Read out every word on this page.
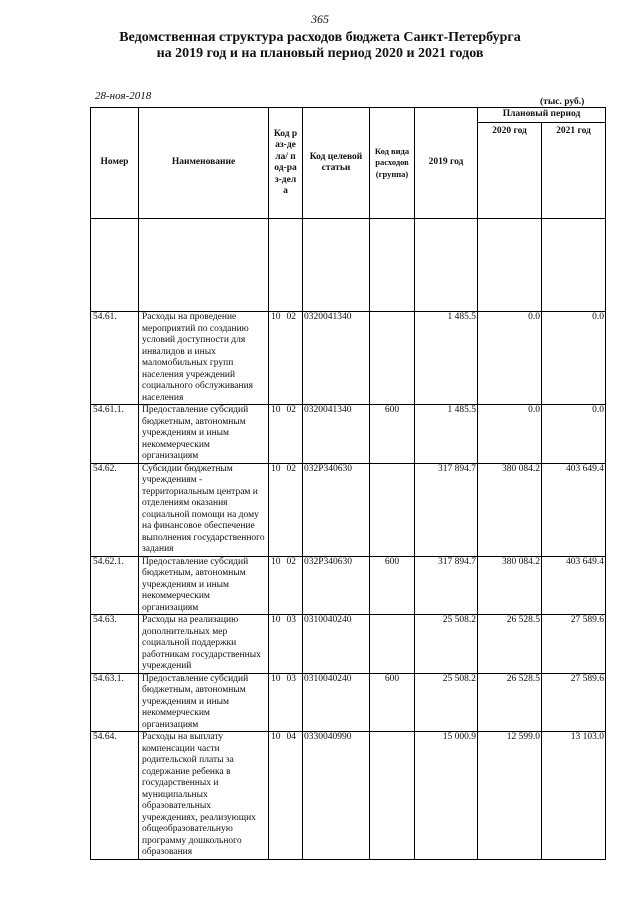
365
Ведомственная структура расходов бюджета Санкт-Петербурга
на 2019 год и на плановый период 2020 и 2021 годов
28-ноя-2018	(тыс. руб.)
Номер	Наименование	Код раз-дела/ под-раз-дела	Код целевой статьи	Код вида расходов (группа)	2019 год	Плановый период	
						2020 год	2021 год

54.61.	Расходы на проведение мероприятий по созданию условий доступности для инвалидов и иных маломобильных групп населения учреждений социального обслуживания населения	10 02	0320041340		1 485.5	0.0	0.0
54.61.1.	Предоставление субсидий бюджетным, автономным учреждениям и иным некоммерческим организациям	10 02	0320041340	600	1 485.5	0.0	0.0
54.62.	Субсидии бюджетным учреждениям - территориальным центрам и отделениям оказания социальной помощи на дому на финансовое обеспечение выполнения государственного задания	10 02	032Р340630		317 894.7	380 084.2	403 649.4
54.62.1.	Предоставление субсидий бюджетным, автономным учреждениям и иным некоммерческим организациям	10 02	032Р340630	600	317 894.7	380 084.2	403 649.4
54.63.	Расходы на реализацию дополнительных мер социальной поддержки работникам государственных учреждений	10 03	0310040240		25 508.2	26 528.5	27 589.6
54.63.1.	Предоставление субсидий бюджетным, автономным учреждениям и иным некоммерческим организациям	10 03	0310040240	600	25 508.2	26 528.5	27 589.6
54.64.	Расходы на выплату компенсации части родительской платы за содержание ребенка в государственных и муниципальных образовательных учреждениях, реализующих общеобразовательную программу дошкольного образования	10 04	0330040990		15 000.9	12 599.0	13 103.0
